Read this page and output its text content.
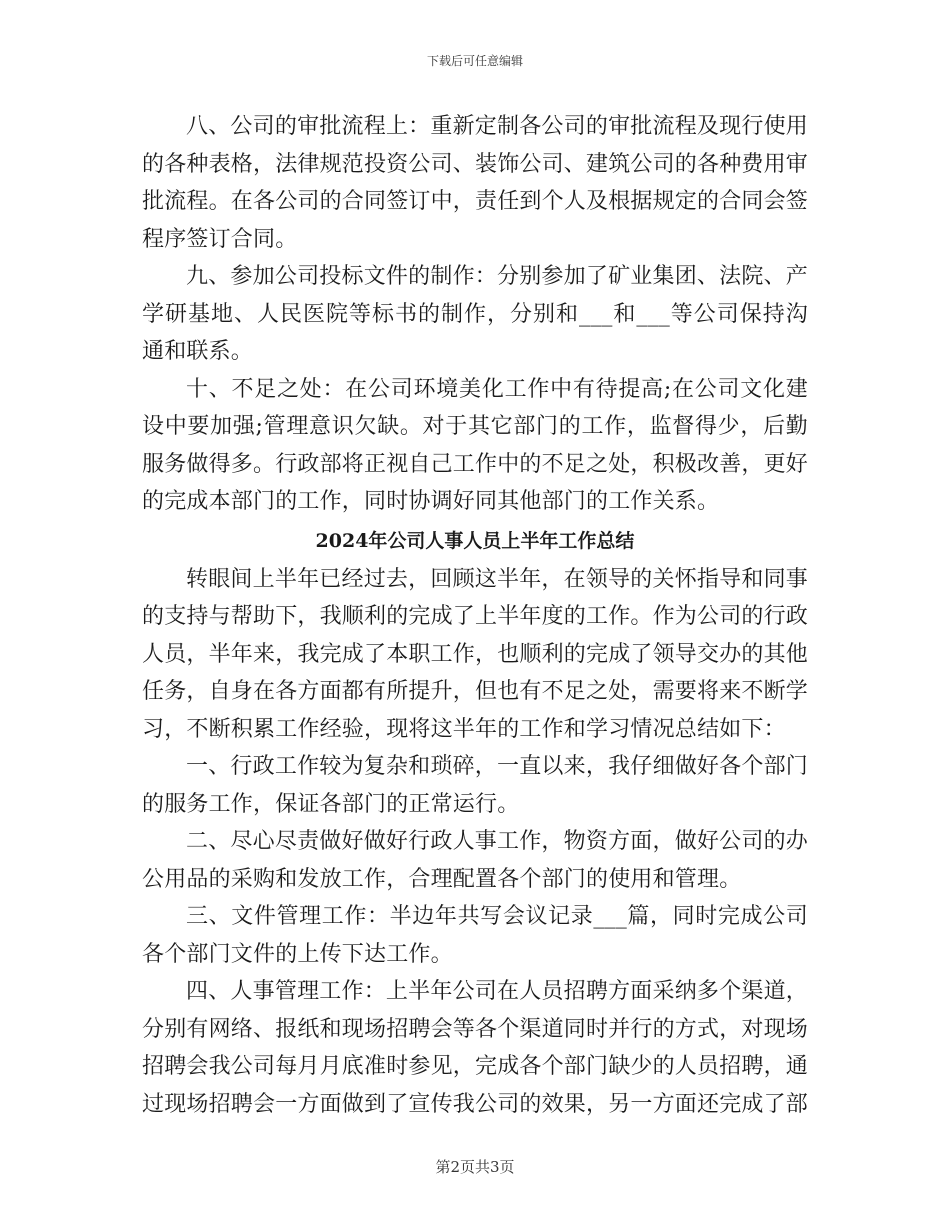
下载后可任意编辑

八、公司的审批流程上：重新定制各公司的审批流程及现行使用的各种表格，法律规范投资公司、装饰公司、建筑公司的各种费用审批流程。在各公司的合同签订中，责任到个人及根据规定的合同会签程序签订合同。

九、参加公司投标文件的制作：分别参加了矿业集团、法院、产学研基地、人民医院等标书的制作，分别和___和___等公司保持沟通和联系。

十、不足之处：在公司环境美化工作中有待提高;在公司文化建设中要加强;管理意识欠缺。对于其它部门的工作，监督得少，后勤服务做得多。行政部将正视自己工作中的不足之处，积极改善，更好的完成本部门的工作，同时协调好同其他部门的工作关系。

2024年公司人事人员上半年工作总结

转眼间上半年已经过去，回顾这半年，在领导的关怀指导和同事的支持与帮助下，我顺利的完成了上半年度的工作。作为公司的行政人员，半年来，我完成了本职工作，也顺利的完成了领导交办的其他任务，自身在各方面都有所提升，但也有不足之处，需要将来不断学习，不断积累工作经验，现将这半年的工作和学习情况总结如下：

一、行政工作较为复杂和琐碎，一直以来，我仔细做好各个部门的服务工作，保证各部门的正常运行。

二、尽心尽责做好做好行政人事工作，物资方面，做好公司的办公用品的采购和发放工作，合理配置各个部门的使用和管理。

三、文件管理工作：半边年共写会议记录___篇，同时完成公司各个部门文件的上传下达工作。

四、人事管理工作：上半年公司在人员招聘方面采纳多个渠道，分别有网络、报纸和现场招聘会等各个渠道同时并行的方式，对现场招聘会我公司每月月底准时参见，完成各个部门缺少的人员招聘，通过现场招聘会一方面做到了宣传我公司的效果，另一方面还完成了部

第2页共3页
